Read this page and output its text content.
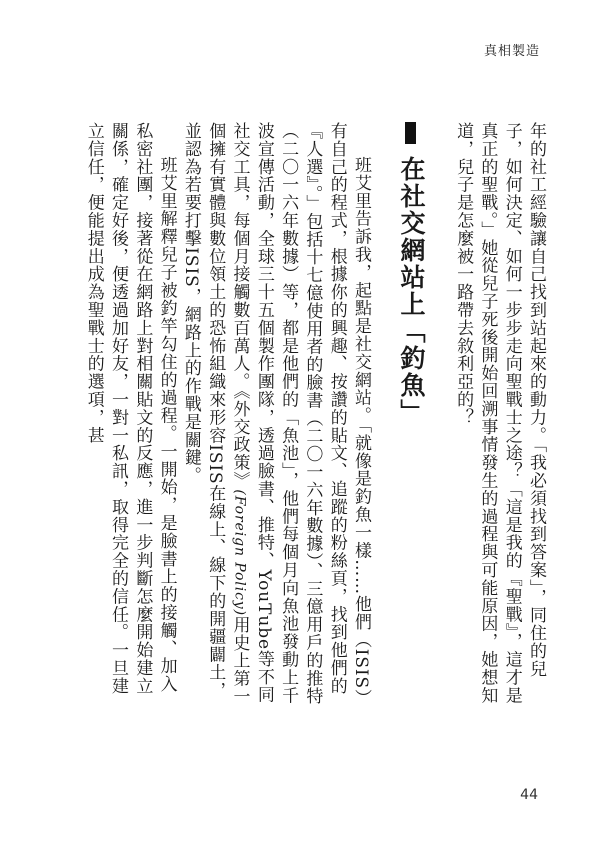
真相製造

年的社工經驗讓自己找到站起來的動力。「我必須找到答案」，同住的兒子，如何決定、如何一步步走向聖戰士之途？「這是我的『聖戰』，這才是真正的聖戰。」她從兒子死後開始回溯事情發生的過程與可能原因，她想知道，兒子是怎麼被一路帶去敘利亞的？

在社交網站上「釣魚」

班艾里告訴我，起點是社交網站。「就像是釣魚一樣……他們（ISIS）有自己的程式，根據你的興趣、按讚的貼文、追蹤的粉絲頁，找到他們的『人選』。」包括十七億使用者的臉書（二〇一六年數據）、三億用戶的推特（二〇一六年數據）等，都是他們的「魚池」，他們每個月向魚池發動上千波宣傳活動，全球三十五個製作團隊，透過臉書、推特、YouTube等不同社交工具，每個月接觸數百萬人。《外交政策》(Foreign Policy)用史上第一個擁有實體與數位領土的恐怖組織來形容ISIS在線上、線下的開疆闢土，並認為若要打擊ISIS，網路上的作戰是關鍵。

班艾里解釋兒子被釣竿勾住的過程。一開始，是臉書上的接觸、加入私密社團，接著從在網路上對相關貼文的反應，進一步判斷怎麼開始建立關係，確定好後，便透過加好友，一對一私訊，取得完全的信任。一旦建立信任，便能提出成為聖戰士的選項，甚

44
